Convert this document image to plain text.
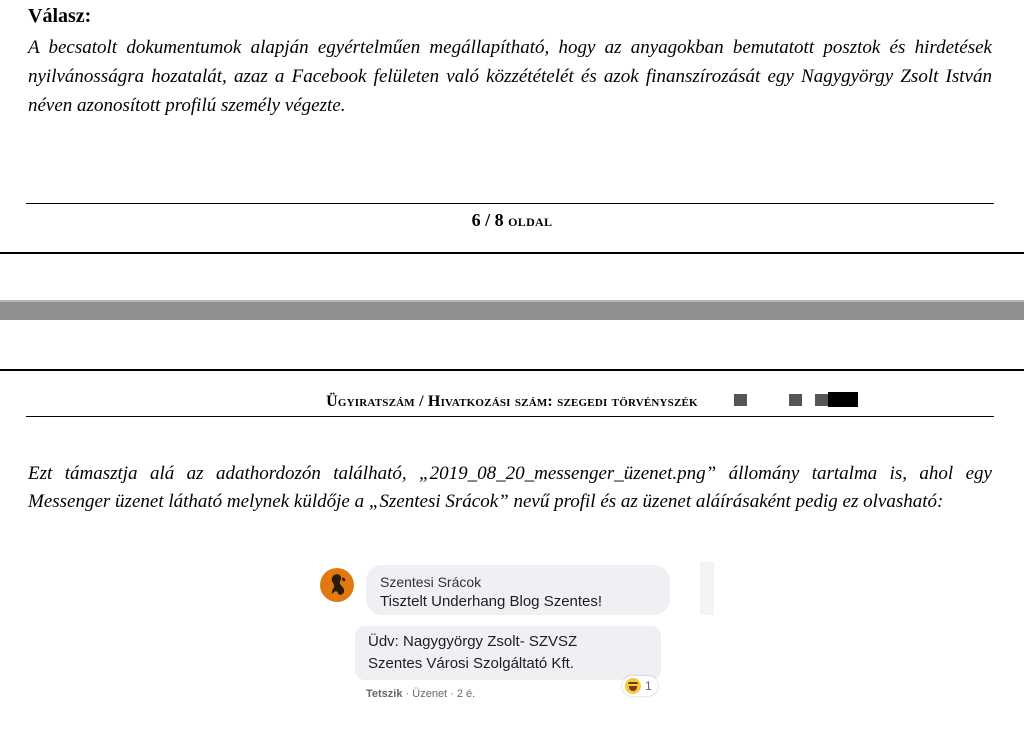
Válasz:
A becsatolt dokumentumok alapján egyértelműen megállapítható, hogy az anyagokban bemutatott posztok és hirdetések nyilvánosságra hozatalát, azaz a Facebook felületen való közzétételét és azok finanszírozását egy Nagygyörgy Zsolt István néven azonosított profilú személy végezte.
6 / 8 oldal
Ügyiratszám / Hivatkozási szám: szegedi törvényszék
Ezt támasztja alá az adathordozón található, „2019_08_20_messenger_üzenet.png” állomány tartalma is, ahol egy Messenger üzenet látható melynek küldője a „Szentesi Srácok” nevű profil és az üzenet aláírásaként pedig ez olvasható:
Szentesi Srácok
Tisztelt Underhang Blog Szentes!
Üdv: Nagygyörgy Zsolt- SZVSZ
Szentes Városi Szolgáltató Kft.
Tetszik · Üzenet · 2 é.
1
